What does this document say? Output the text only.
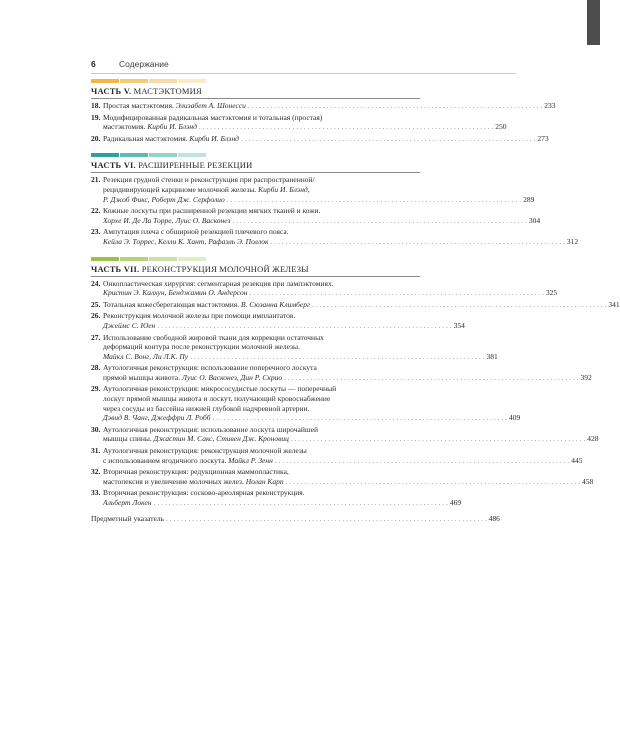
6	Содержание
ЧАСТЬ V. МАСТЭКТОМИЯ
18. Простая мастэктомия. Элизабет А. Шонесси . . .	233
19. Модифицированная радикальная мастэктомия и тотальная (простая)
мастэктомия. Кирби И. Блэнд . . .	250
20. Радикальная мастэктомия. Кирби И. Блэнд . . .	273
ЧАСТЬ VI. РАСШИРЕННЫЕ РЕЗЕКЦИИ
21. Резекция грудной стенки и реконструкция при распространенной/
рецидивирующей карциноме молочной железы. Кирби И. Блэнд,
Р. Джоб Фикс, Роберт Дж. Серфолио . . .	289
22. Кожные лоскуты при расширенной резекции мягких тканей и кожи.
Хорхе И. Де Ла Торре, Луис О. Васконез . . .	304
23. Ампутация плеча с обширной резекцией плечевого пояса.
Кейла Э. Торрес, Келли К. Хант, Рафаэль Э. Поллок . . .	312
ЧАСТЬ VII. РЕКОНСТРУКЦИЯ МОЛОЧНОЙ ЖЕЛЕЗЫ
24. Онкопластическая хирургия: сегментарная резекция при лампэктомиях.
Кристин Э. Калхун, Бенджамин О. Андерсон . . .	325
25. Тотальная кожесберегающая мастэктомия. В. Сюзанна Климберг . . .	341
26. Реконструкция молочной железы при помощи имплантатов.
Джеймс С. Юен . . .	354
27. Использование свободной жировой ткани для коррекции остаточных
деформаций контура после реконструкции молочной железы.
Майкл С. Вонг, Ли Л.К. Пу . . .	381
28. Аутологичная реконструкция: использование поперечного лоскута
прямой мышцы живота. Луис О. Васконез, Дин Р. Скрио . . .	392
29. Аутологичная реконструкция: микрососудистые лоскуты — поперечный
лоскут прямой мышцы живота и лоскут, получающий кровоснабжение
через сосуды из бассейна нижней глубокой надчревной артерии.
Дэвид В. Чанг, Джеффри Л. Робб . . .	409
30. Аутологичная реконструкция: использование лоскута широчайшей
мышцы спины. Джастин М. Сакс, Стивен Дж. Кроновиц . . .	428
31. Аутологичная реконструкция: реконструкция молочной железы
с использованием ягодичного лоскута. Майкл Р. Зенн . . .	445
32. Вторичная реконструкция: редукционная маммопластика,
мастопексия и увеличение молочных желез. Нолан Карп . . .	458
33. Вторичная реконструкция: сосково-ареолярная реконструкция.
Альберт Локен . . .	469
Предметный указатель . . .	486
